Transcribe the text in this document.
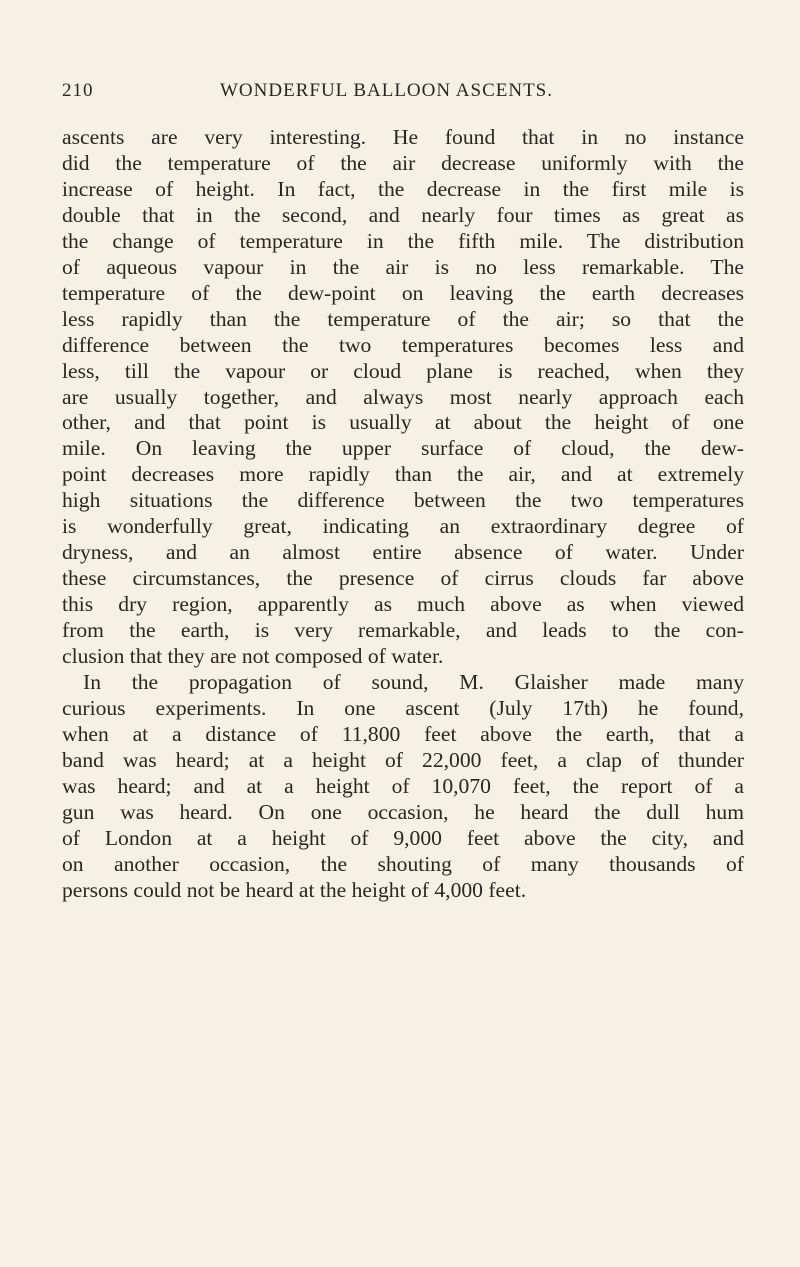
210	WONDERFUL BALLOON ASCENTS.
ascents are very interesting. He found that in no instance
did the temperature of the air decrease uniformly with the
increase of height. In fact, the decrease in the first mile is
double that in the second, and nearly four times as great as
the change of temperature in the fifth mile. The distribution
of aqueous vapour in the air is no less remarkable. The
temperature of the dew-point on leaving the earth decreases
less rapidly than the temperature of the air; so that the
difference between the two temperatures becomes less and
less, till the vapour or cloud plane is reached, when they
are usually together, and always most nearly approach each
other, and that point is usually at about the height of one
mile. On leaving the upper surface of cloud, the dew-
point decreases more rapidly than the air, and at extremely
high situations the difference between the two temperatures
is wonderfully great, indicating an extraordinary degree of
dryness, and an almost entire absence of water. Under
these circumstances, the presence of cirrus clouds far above
this dry region, apparently as much above as when viewed
from the earth, is very remarkable, and leads to the con-
clusion that they are not composed of water.
In the propagation of sound, M. Glaisher made many
curious experiments. In one ascent (July 17th) he found,
when at a distance of 11,800 feet above the earth, that a
band was heard; at a height of 22,000 feet, a clap of thunder
was heard; and at a height of 10,070 feet, the report of a
gun was heard. On one occasion, he heard the dull hum
of London at a height of 9,000 feet above the city, and
on another occasion, the shouting of many thousands of
persons could not be heard at the height of 4,000 feet.
